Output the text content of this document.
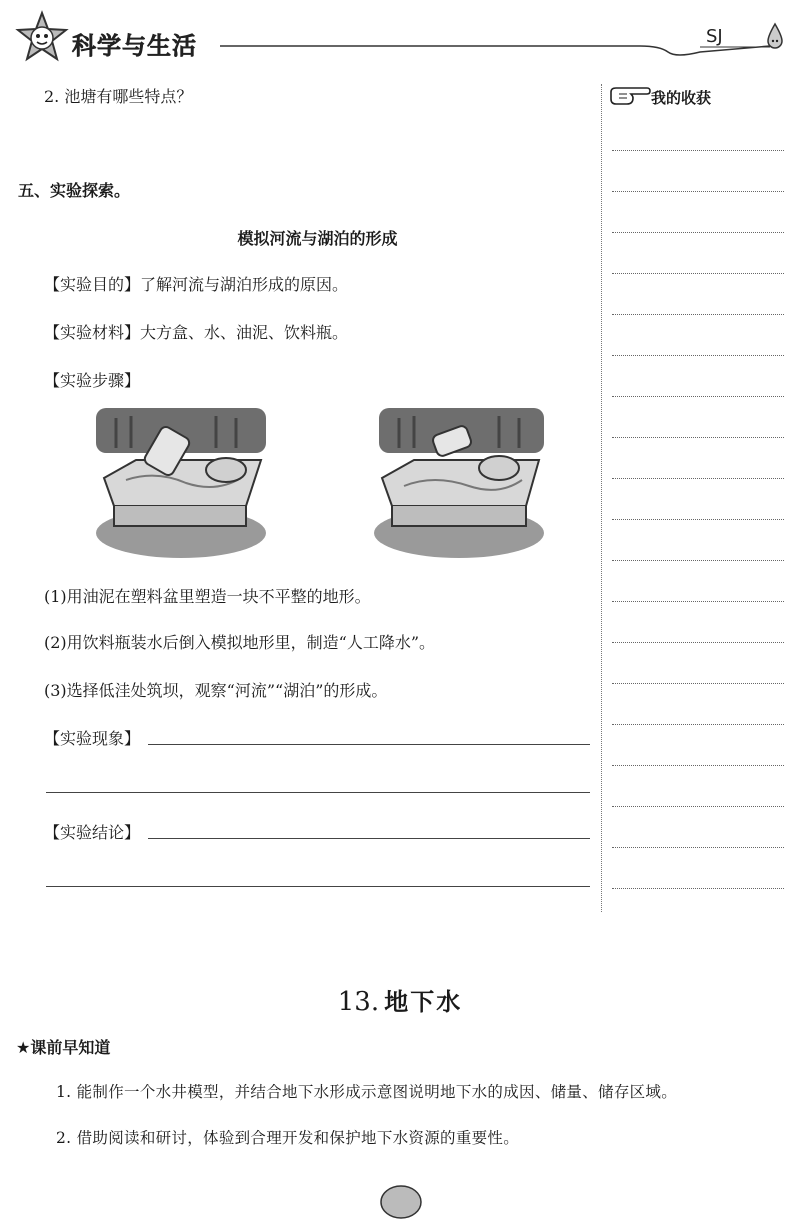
科学与生活	SJ
2. 池塘有哪些特点？
五、实验探索。
模拟河流与湖泊的形成
【实验目的】了解河流与湖泊形成的原因。
【实验材料】大方盒、水、油泥、饮料瓶。
【实验步骤】
(1)用油泥在塑料盆里塑造一块不平整的地形。
(2)用饮料瓶装水后倒入模拟地形里，制造“人工降水”。
(3)选择低洼处筑坝，观察“河流”“湖泊”的形成。
【实验现象】
【实验结论】
我的收获
13. 地下水
★课前早知道
1. 能制作一个水井模型，并结合地下水形成示意图说明地下水的成因、储量、储存区域。
2. 借助阅读和研讨，体验到合理开发和保护地下水资源的重要性。
